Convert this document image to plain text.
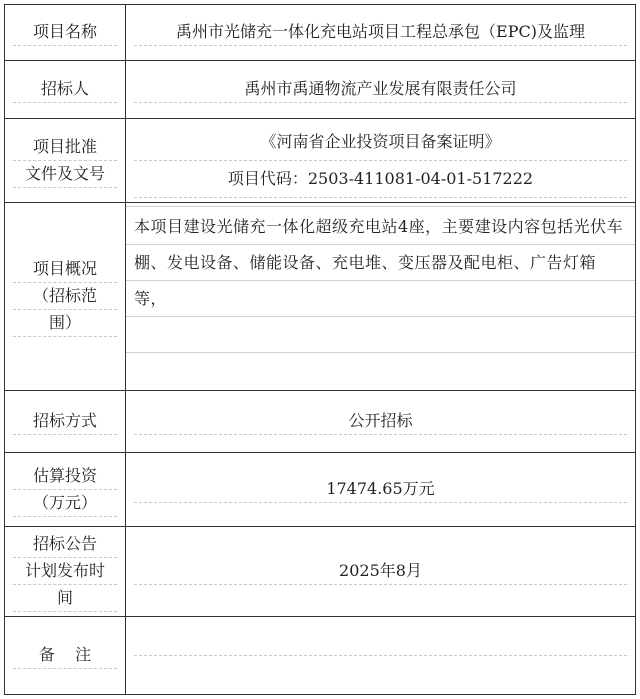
项目名称	禹州市光储充一体化充电站项目工程总承包（EPC)及监理

招标人	禹州市禹通物流产业发展有限责任公司

项目批准
文件及文号	《河南省企业投资项目备案证明》
项目代码：2503-411081-04-01-517222

项目概况
（招标范
围）	本项目建设光储充一体化超级充电站4座，主要建设内容包括光伏车棚、发电设备、储能设备、充电堆、变压器及配电柜、广告灯箱等，

招标方式	公开招标

估算投资
（万元）	17474.65万元

招标公告
计划发布时
间	2025年8月

备    注	
